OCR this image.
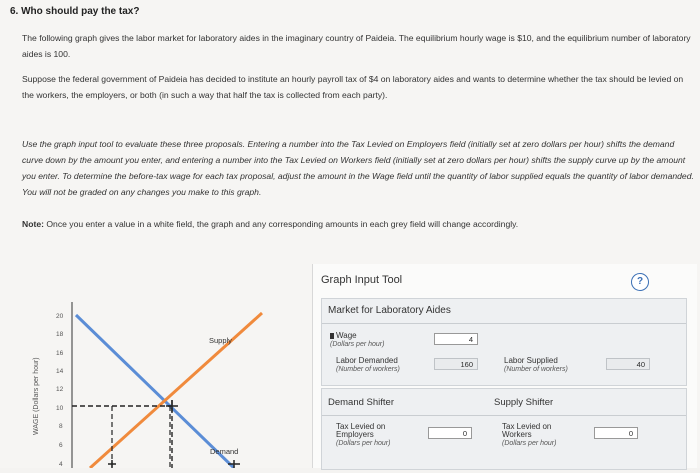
6. Who should pay the tax?
The following graph gives the labor market for laboratory aides in the imaginary country of Paideia. The equilibrium hourly wage is $10, and the equilibrium number of laboratory aides is 100.
Suppose the federal government of Paideia has decided to institute an hourly payroll tax of $4 on laboratory aides and wants to determine whether the tax should be levied on the workers, the employers, or both (in such a way that half the tax is collected from each party).
Use the graph input tool to evaluate these three proposals. Entering a number into the Tax Levied on Employers field (initially set at zero dollars per hour) shifts the demand curve down by the amount you enter, and entering a number into the Tax Levied on Workers field (initially set at zero dollars per hour) shifts the supply curve up by the amount you enter. To determine the before-tax wage for each tax proposal, adjust the amount in the Wage field until the quantity of labor supplied equals the quantity of labor demanded. You will not be graded on any changes you make to this graph.
Note: Once you enter a value in a white field, the graph and any corresponding amounts in each grey field will change accordingly.
WAGE (Dollars per hour)
20
18
16
14
12
10
8
6
4
Supply
Demand
Graph Input Tool	?
Market for Laboratory Aides
Wage
(Dollars per hour)
4
Labor Demanded
(Number of workers)
160	Labor Supplied
(Number of workers)
40
Demand Shifter	Supply Shifter
Tax Levied on
Employers
(Dollars per hour)
0
Tax Levied on
Workers
(Dollars per hour)
0
